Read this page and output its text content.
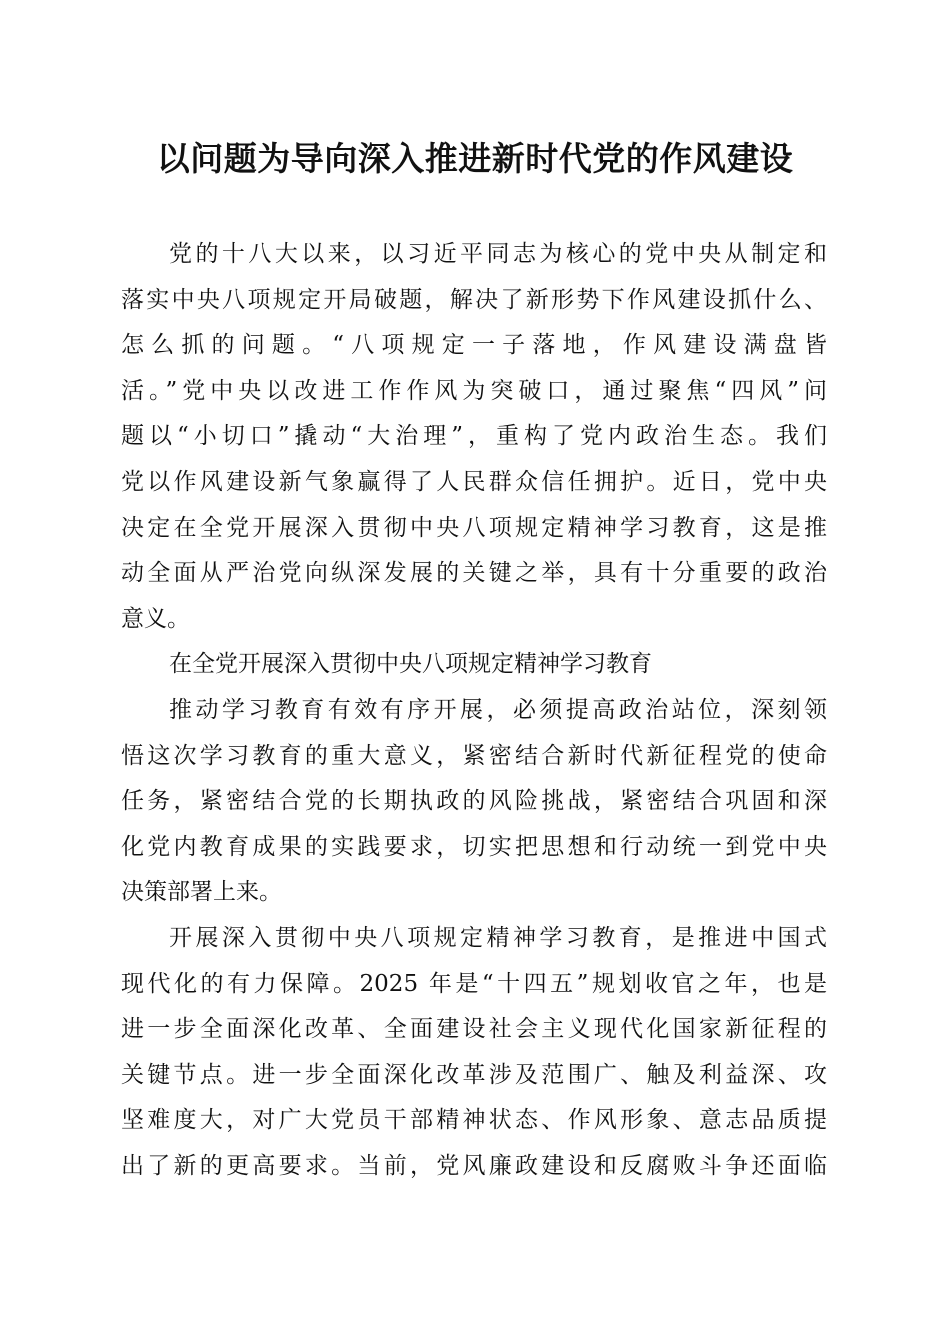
以问题为导向深入推进新时代党的作风建设
党的十八大以来，以习近平同志为核心的党中央从制定和
落实中央八项规定开局破题，解决了新形势下作风建设抓什么、
怎么抓的问题。“八项规定一子落地，作风建设满盘皆
活。”党中央以改进工作作风为突破口，通过聚焦“四风”问
题以“小切口”撬动“大治理”，重构了党内政治生态。我们
党以作风建设新气象赢得了人民群众信任拥护。近日，党中央
决定在全党开展深入贯彻中央八项规定精神学习教育，这是推
动全面从严治党向纵深发展的关键之举，具有十分重要的政治
意义。
在全党开展深入贯彻中央八项规定精神学习教育
推动学习教育有效有序开展，必须提高政治站位，深刻领
悟这次学习教育的重大意义，紧密结合新时代新征程党的使命
任务，紧密结合党的长期执政的风险挑战，紧密结合巩固和深
化党内教育成果的实践要求，切实把思想和行动统一到党中央
决策部署上来。
开展深入贯彻中央八项规定精神学习教育，是推进中国式
现代化的有力保障。2025 年是“十四五”规划收官之年，也是
进一步全面深化改革、全面建设社会主义现代化国家新征程的
关键节点。进一步全面深化改革涉及范围广、触及利益深、攻
坚难度大，对广大党员干部精神状态、作风形象、意志品质提
出了新的更高要求。当前，党风廉政建设和反腐败斗争还面临
